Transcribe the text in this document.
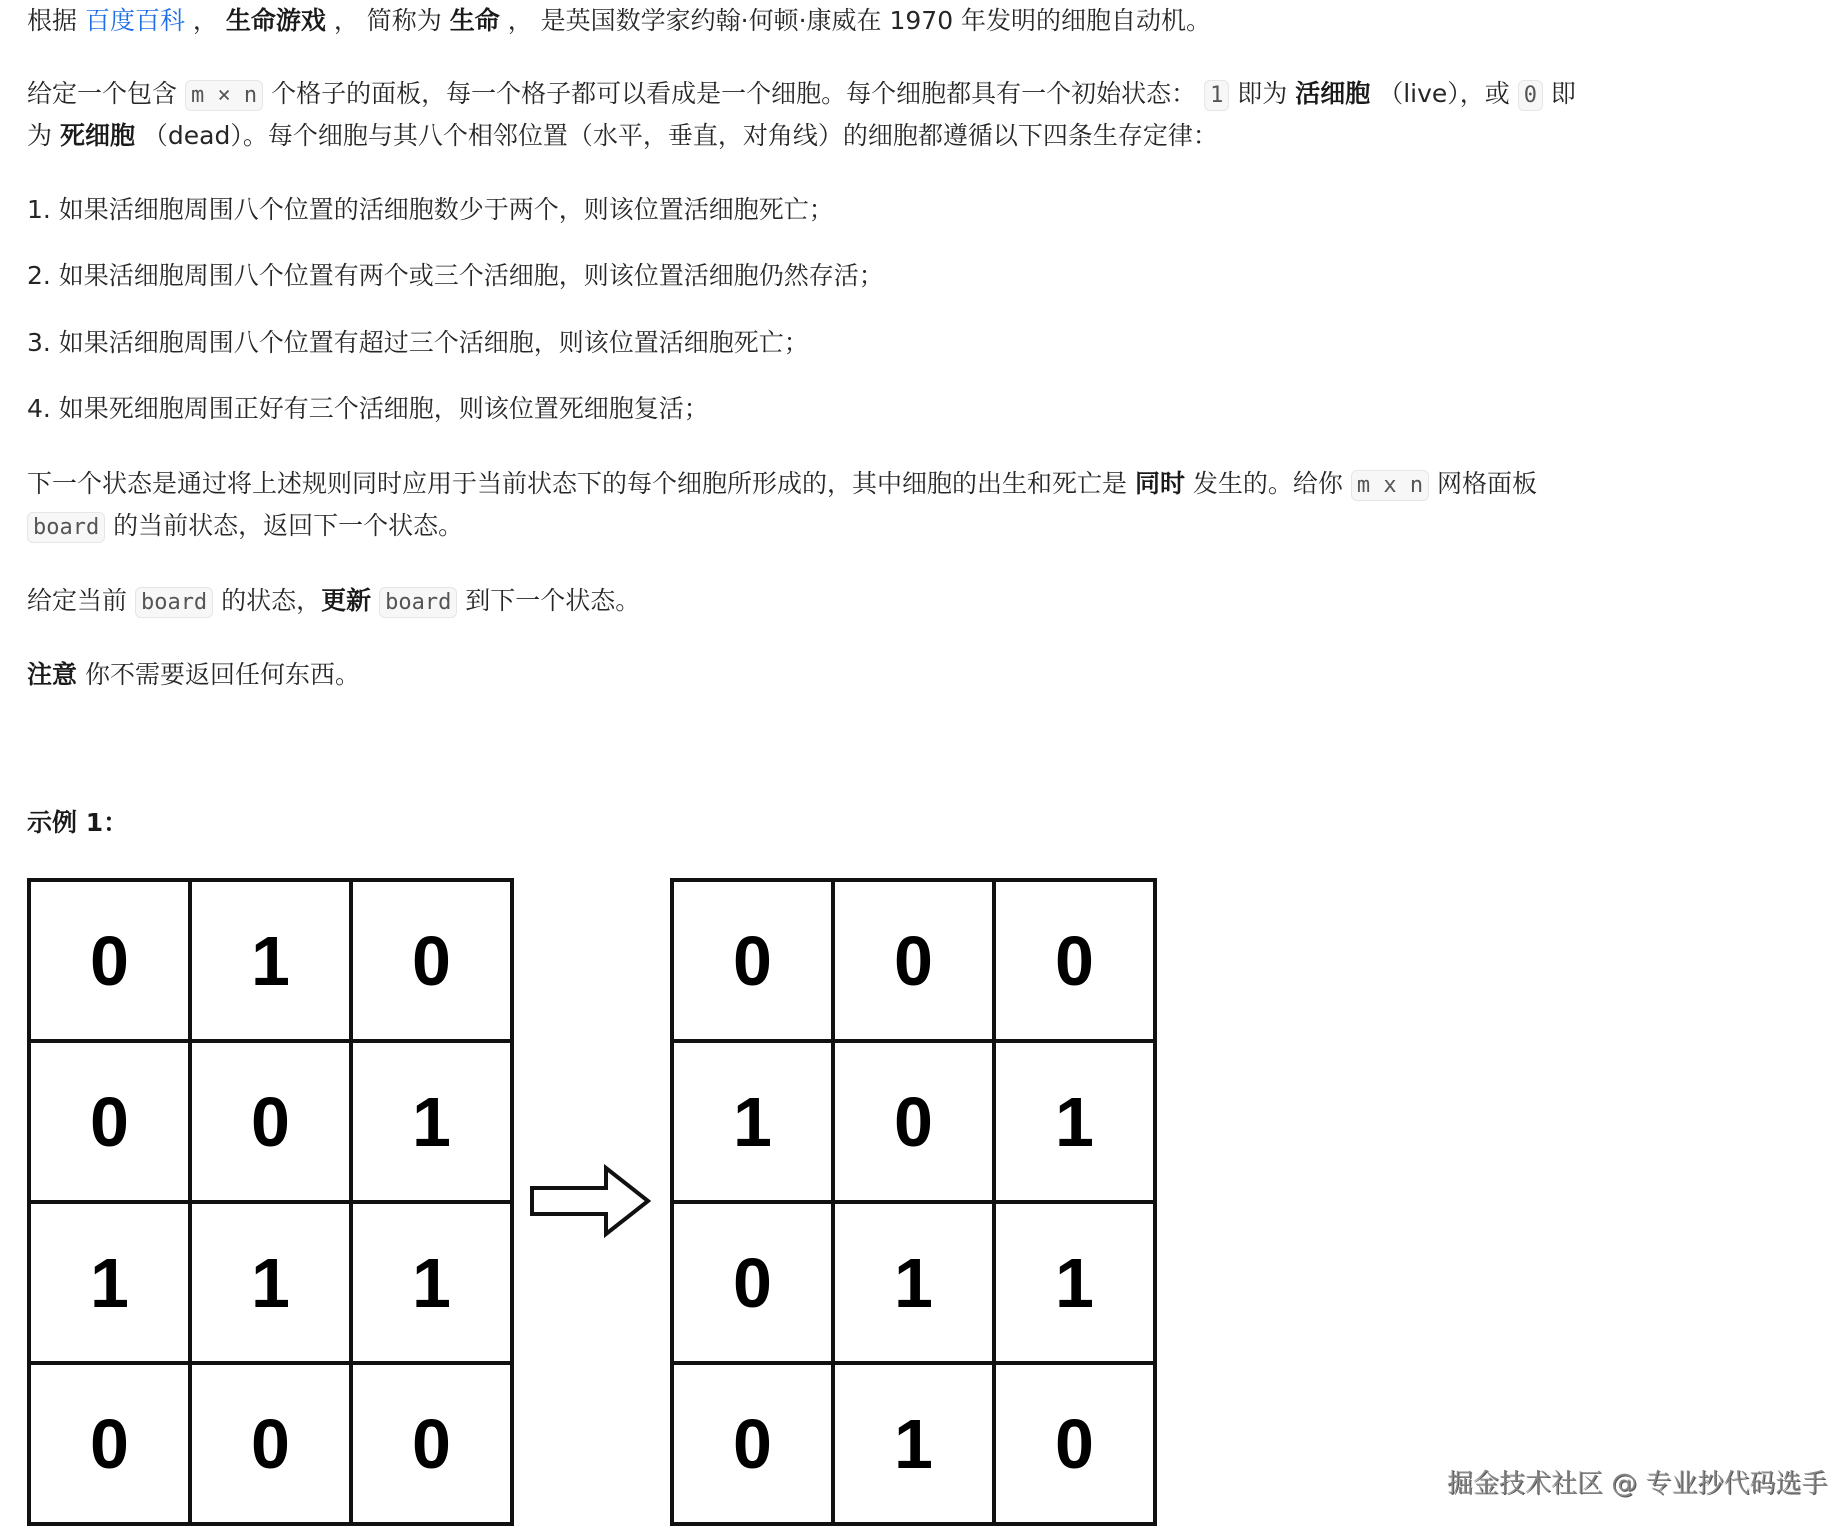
根据 百度百科 ， 生命游戏 ， 简称为 生命 ， 是英国数学家约翰·何顿·康威在 1970 年发明的细胞自动机。
给定一个包含 m × n 个格子的面板，每一个格子都可以看成是一个细胞。每个细胞都具有一个初始状态： 1 即为 活细胞 （live），或 0 即
为 死细胞 （dead）。每个细胞与其八个相邻位置（水平，垂直，对角线）的细胞都遵循以下四条生存定律：
1. 如果活细胞周围八个位置的活细胞数少于两个，则该位置活细胞死亡；
2. 如果活细胞周围八个位置有两个或三个活细胞，则该位置活细胞仍然存活；
3. 如果活细胞周围八个位置有超过三个活细胞，则该位置活细胞死亡；
4. 如果死细胞周围正好有三个活细胞，则该位置死细胞复活；
下一个状态是通过将上述规则同时应用于当前状态下的每个细胞所形成的，其中细胞的出生和死亡是 同时 发生的。给你 m x n 网格面板
board 的当前状态，返回下一个状态。
给定当前 board 的状态，更新 board 到下一个状态。
注意 你不需要返回任何东西。
示例 1：
0	1	0
0	0	1
1	1	1
0	0	0
0	0	0
1	0	1
0	1	1
0	1	0
掘金技术社区 @ 专业抄代码选手
